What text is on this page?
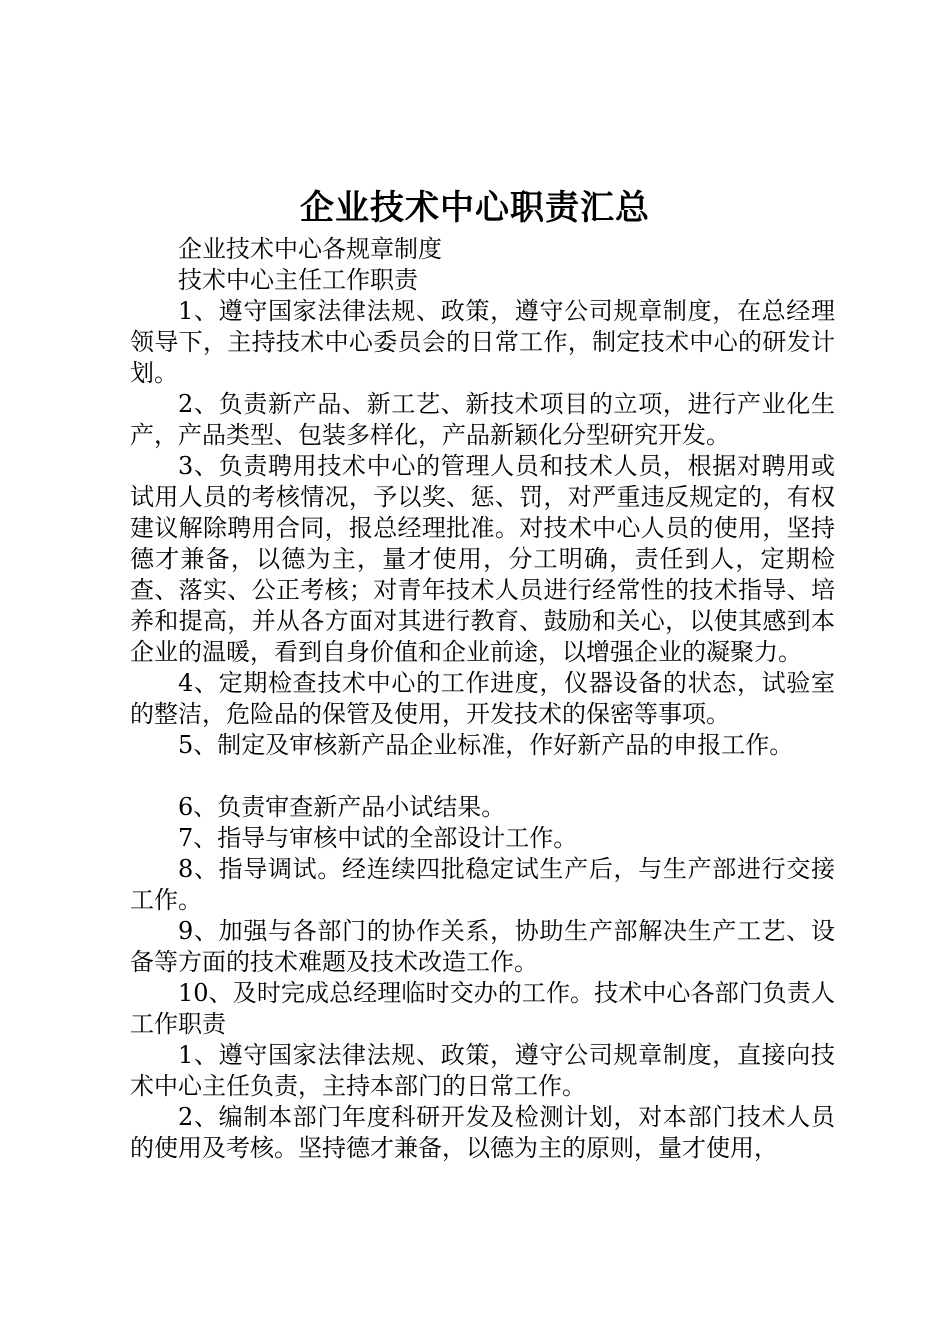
企业技术中心职责汇总

企业技术中心各规章制度

技术中心主任工作职责

1、遵守国家法律法规、政策，遵守公司规章制度，在总经理领导下，主持技术中心委员会的日常工作，制定技术中心的研发计划。

2、负责新产品、新工艺、新技术项目的立项，进行产业化生产，产品类型、包装多样化，产品新颖化分型研究开发。

3、负责聘用技术中心的管理人员和技术人员，根据对聘用或试用人员的考核情况，予以奖、惩、罚，对严重违反规定的，有权建议解除聘用合同，报总经理批准。对技术中心人员的使用，坚持德才兼备，以德为主，量才使用，分工明确，责任到人，定期检查、落实、公正考核；对青年技术人员进行经常性的技术指导、培养和提高，并从各方面对其进行教育、鼓励和关心，以使其感到本企业的温暖，看到自身价值和企业前途，以增强企业的凝聚力。

4、定期检查技术中心的工作进度，仪器设备的状态，试验室的整洁，危险品的保管及使用，开发技术的保密等事项。

5、制定及审核新产品企业标准，作好新产品的申报工作。

6、负责审查新产品小试结果。

7、指导与审核中试的全部设计工作。

8、指导调试。经连续四批稳定试生产后，与生产部进行交接工作。

9、加强与各部门的协作关系，协助生产部解决生产工艺、设备等方面的技术难题及技术改造工作。

10、及时完成总经理临时交办的工作。技术中心各部门负责人工作职责

1、遵守国家法律法规、政策，遵守公司规章制度，直接向技术中心主任负责，主持本部门的日常工作。

2、编制本部门年度科研开发及检测计划，对本部门技术人员的使用及考核。坚持德才兼备，以德为主的原则，量才使用，
